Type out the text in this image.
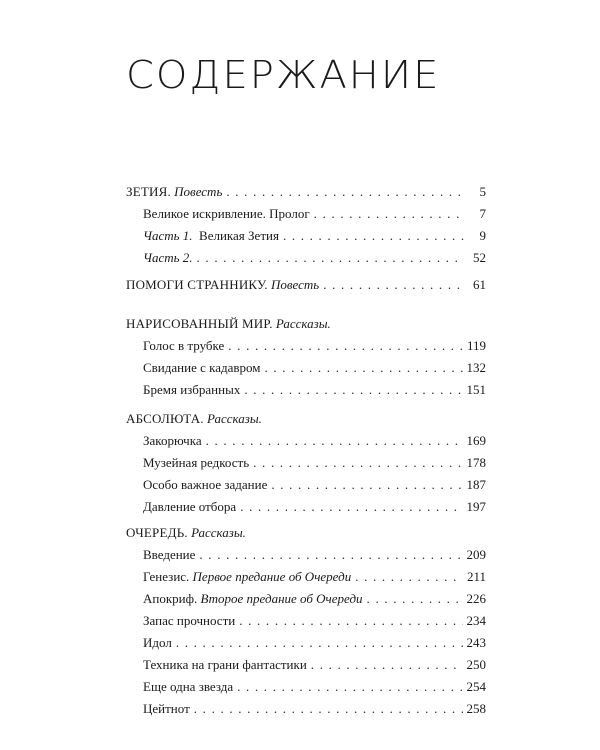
СОДЕРЖАНИЕ
ЗЕТИЯ. Повесть . . .	5
Великое искривление. Пролог . . .	7
Часть 1. Великая Зетия . . .	9
Часть 2. . . .	52
ПОМОГИ СТРАННИКУ. Повесть . . .	61
НАРИСОВАННЫЙ МИР. Рассказы.
Голос в трубке . . .	119
Свидание с кадавром . . .	132
Бремя избранных . . .	151
АБСОЛЮТА. Рассказы.
Закорючка . . .	169
Музейная редкость . . .	178
Особо важное задание . . .	187
Давление отбора . . .	197
ОЧЕРЕДЬ. Рассказы.
Введение . . .	209
Генезис. Первое предание об Очереди . . .	211
Апокриф. Второе предание об Очереди . . .	226
Запас прочности . . .	234
Идол . . .	243
Техника на грани фантастики . . .	250
Еще одна звезда . . .	254
Цейтнот . . .	258
